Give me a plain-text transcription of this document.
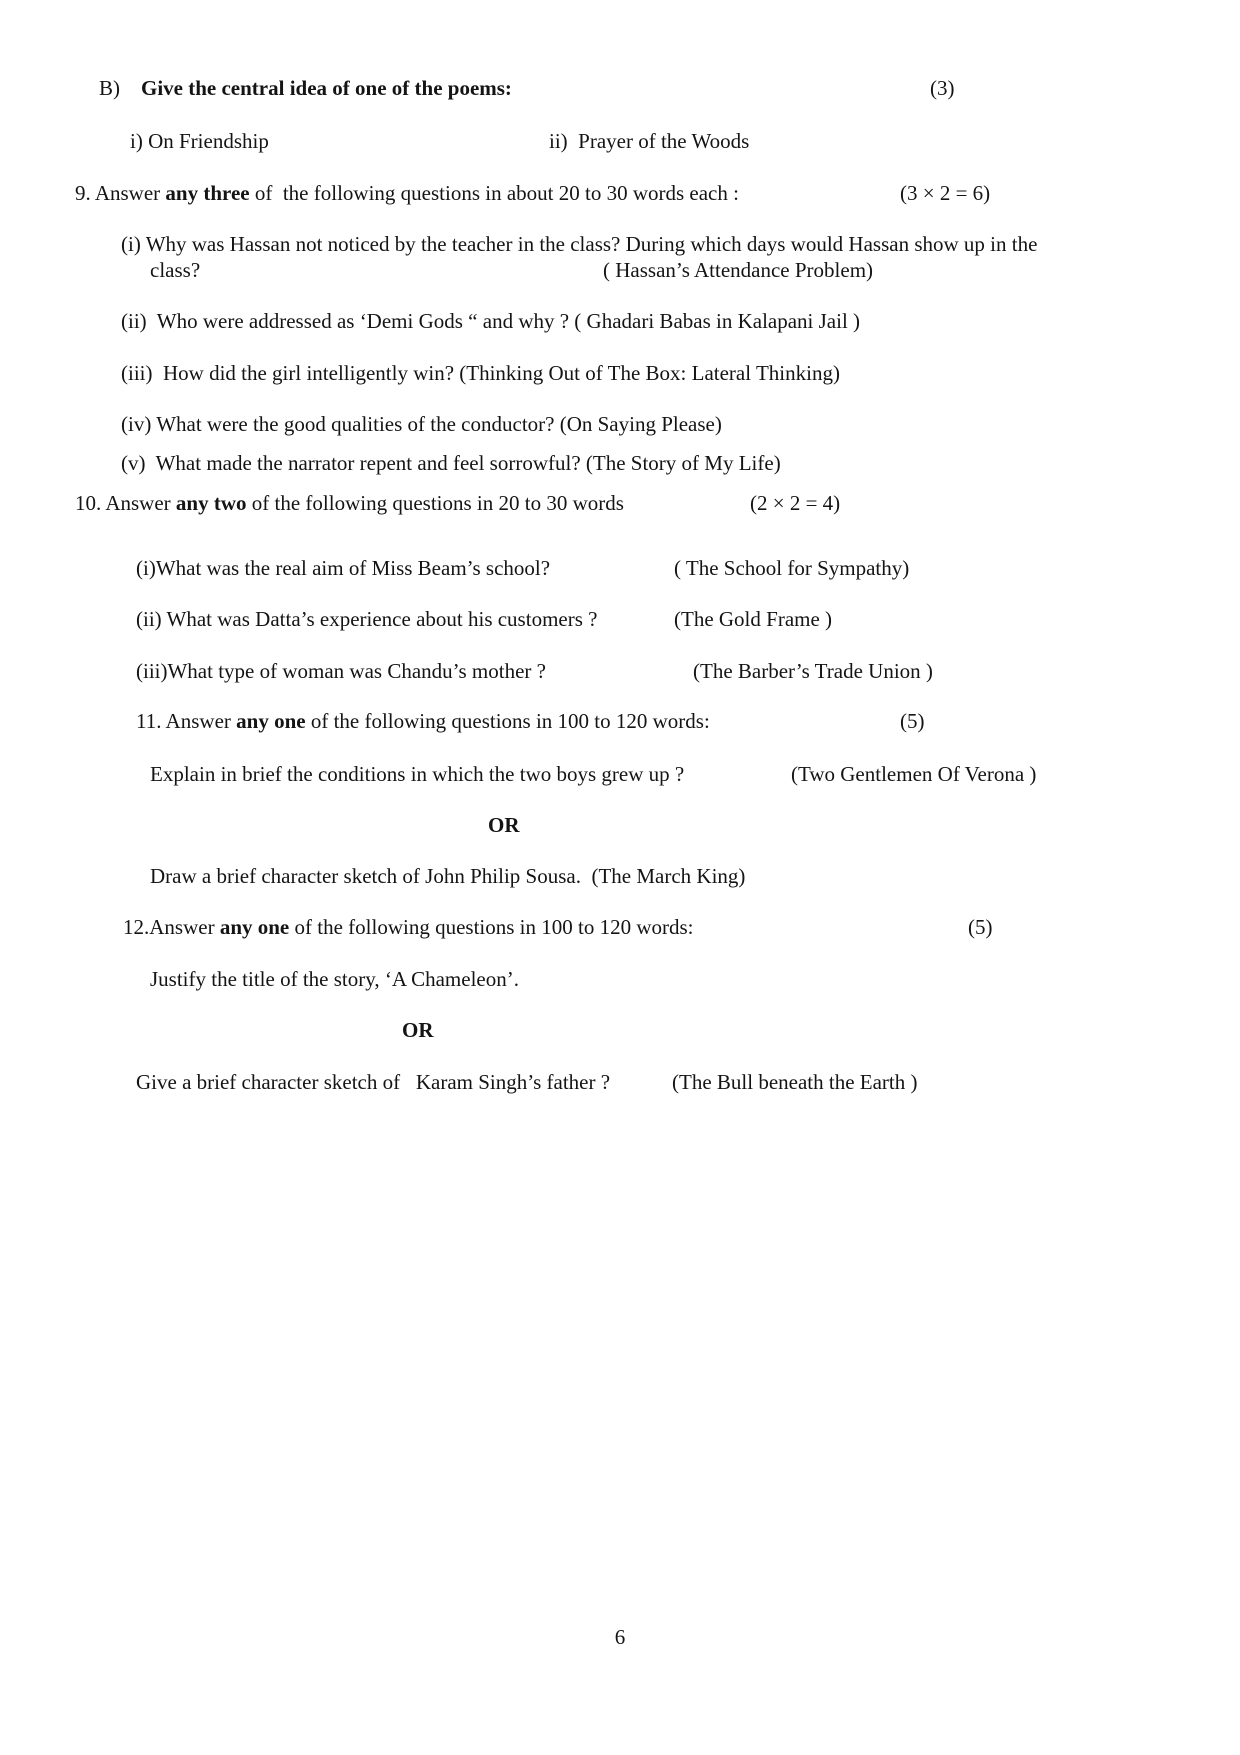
B) Give the central idea of one of the poems:	(3)
i) On Friendship	ii)  Prayer of the Woods
9. Answer any three of  the following questions in about 20 to 30 words each :	(3 × 2 = 6)
(i) Why was Hassan not noticed by the teacher in the class? During which days would Hassan show up in the
class?	( Hassan’s Attendance Problem)
(ii)  Who were addressed as ‘Demi Gods “ and why ? ( Ghadari Babas in Kalapani Jail )
(iii)  How did the girl intelligently win? (Thinking Out of The Box: Lateral Thinking)
(iv) What were the good qualities of the conductor? (On Saying Please)
(v)  What made the narrator repent and feel sorrowful? (The Story of My Life)
10. Answer any two of the following questions in 20 to 30 words	(2 × 2 = 4)
(i)What was the real aim of Miss Beam’s school?	( The School for Sympathy)
(ii) What was Datta’s experience about his customers ?	(The Gold Frame )
(iii)What type of woman was Chandu’s mother ?	(The Barber’s Trade Union )
11. Answer any one of the following questions in 100 to 120 words:	(5)
Explain in brief the conditions in which the two boys grew up ?	(Two Gentlemen Of Verona )
OR
Draw a brief character sketch of John Philip Sousa.  (The March King)
12.Answer any one of the following questions in 100 to 120 words:	(5)
Justify the title of the story, ‘A Chameleon’.
OR
Give a brief character sketch of   Karam Singh’s father ?	(The Bull beneath the Earth )
6
